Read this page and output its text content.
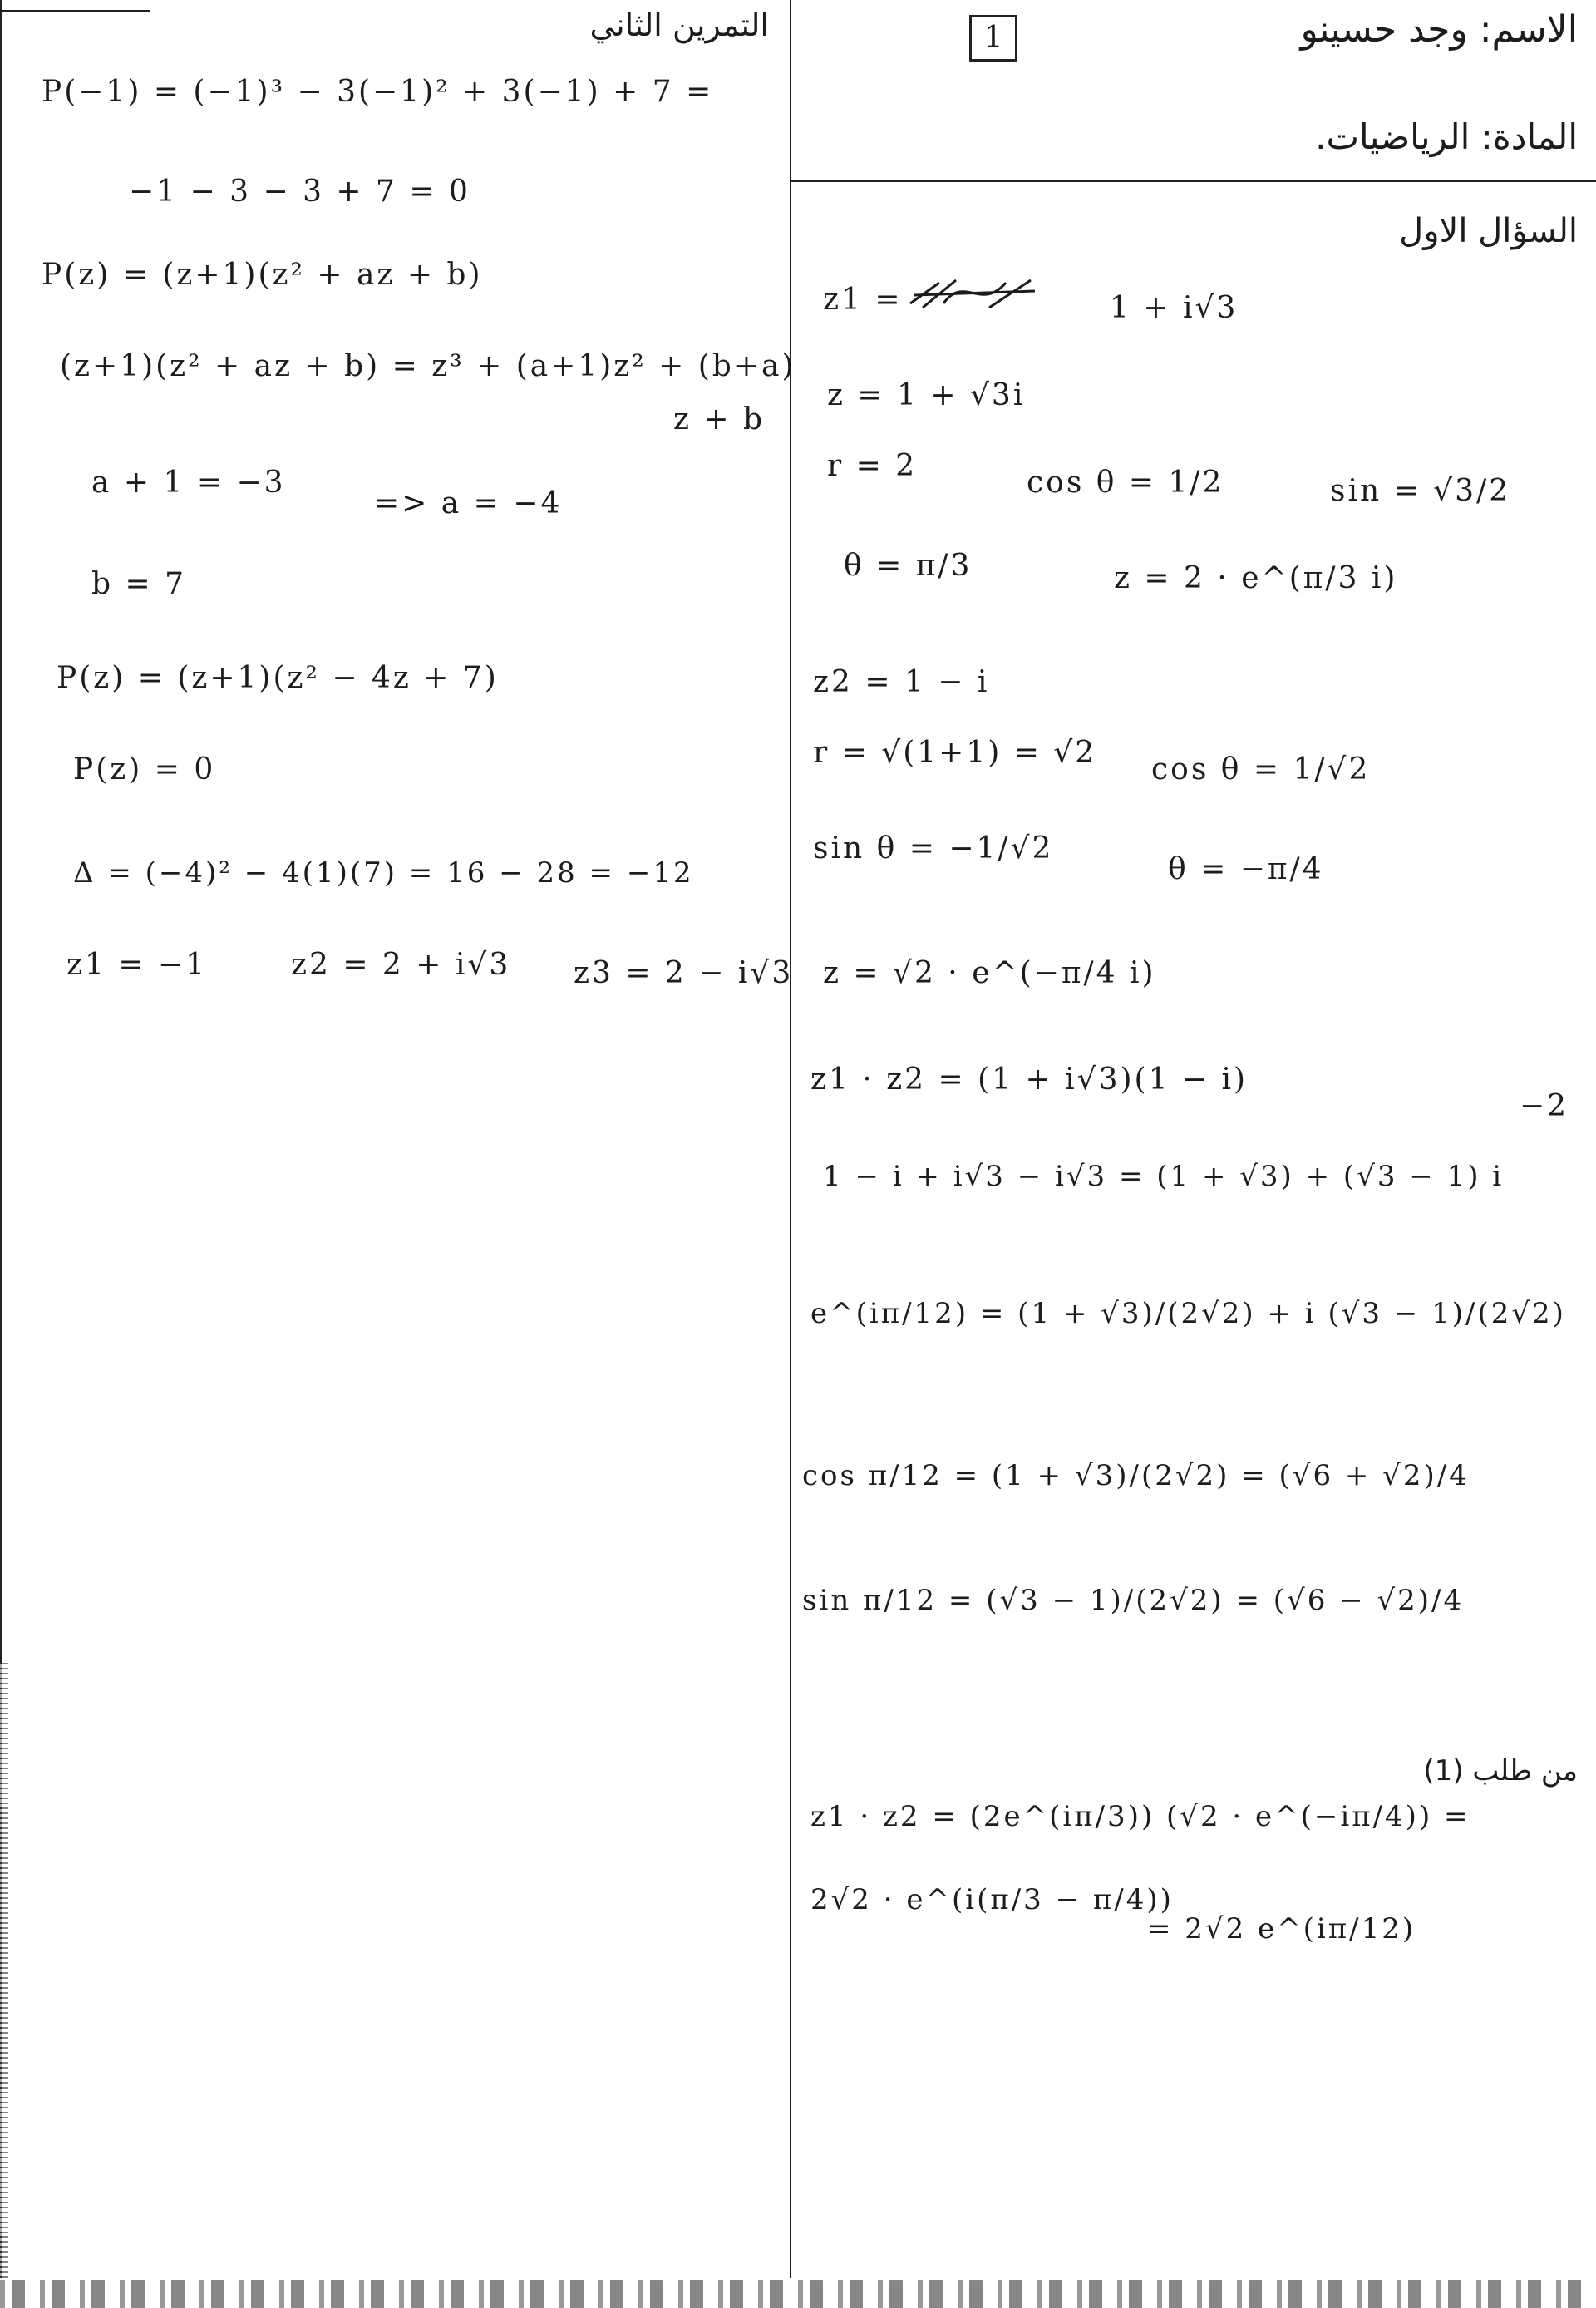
1	الاسم: وجد حسينو
المادة: الرياضيات.
التمرين الثاني
P(−1) = (−1)³ − 3(−1)² + 3(−1) + 7 =
−1 − 3 − 3 + 7 = 0
P(z) = (z+1)(z² + az + b)
(z+1)(z² + az + b) = z³ + (a+1)z² + (b+a)
z + b
a + 1 = −3
=> a = −4
b = 7
P(z) = (z+1)(z² − 4z + 7)
P(z) = 0
Δ = (−4)² − 4(1)(7) = 16 − 28 = −12
z1 = −1	z2 = 2 + i√3 z3 = 2 − i√3
السؤال الاول
z1 =	1 + i√3
z = 1 + √3i
r = 2	cos θ = 1/2	sin = √3/2
θ = π/3	z = 2 · e^(π/3 i)
z2 = 1 − i
r = √(1+1) = √2 cos θ = 1/√2
sin θ = −1/√2
θ = −π/4
z = √2 · e^(−π/4 i)
z1 · z2 = (1 + i√3)(1 − i)
−2
1 − i + i√3 − i√3 = (1 + √3) + (√3 − 1) i
e^(iπ/12) = (1 + √3)/(2√2) + i (√3 − 1)/(2√2)
cos π/12 = (1 + √3)/(2√2) = (√6 + √2)/4
sin π/12 = (√3 − 1)/(2√2) = (√6 − √2)/4
من طلب (1)
z1 · z2 = (2e^(iπ/3)) (√2 · e^(−iπ/4)) =
2√2 · e^(i(π/3 − π/4))
= 2√2 e^(iπ/12)
